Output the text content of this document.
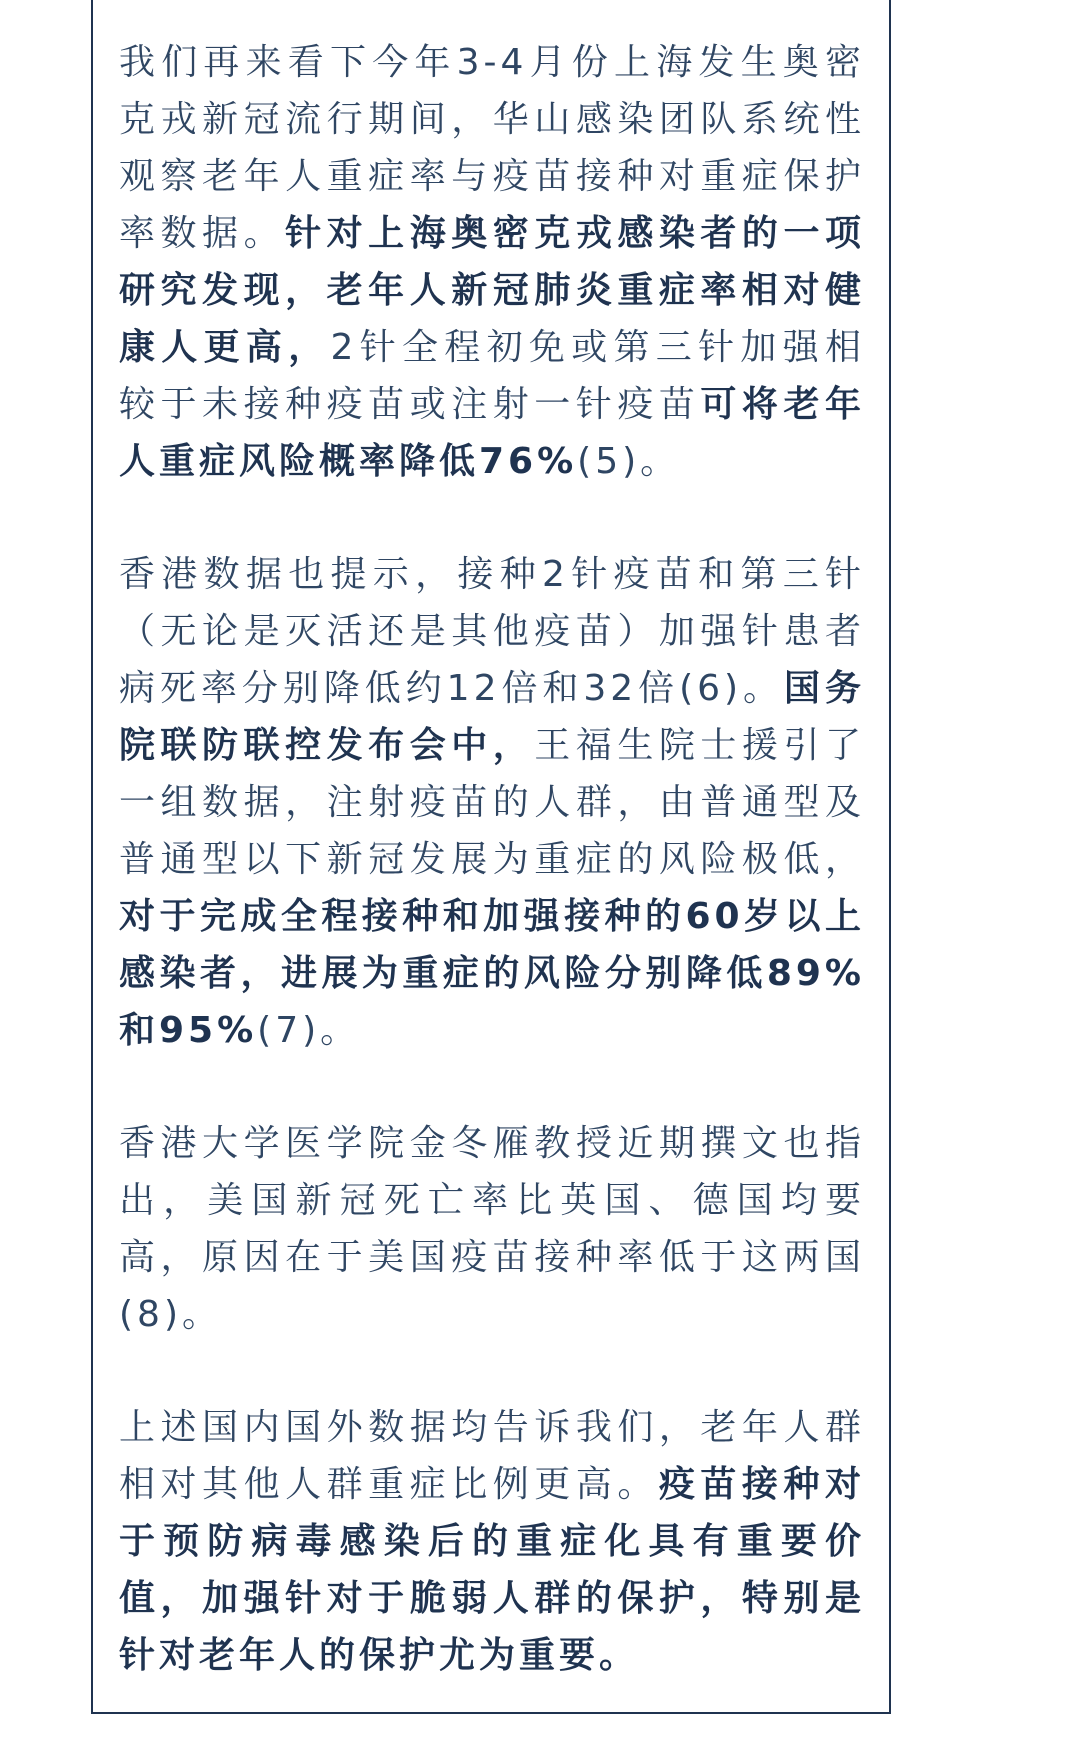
我们再来看下今年3-4月份上海发生奥密克戎新冠流行期间，华山感染团队系统性观察老年人重症率与疫苗接种对重症保护率数据。针对上海奥密克戎感染者的一项研究发现，老年人新冠肺炎重症率相对健康人更高，2针全程初免或第三针加强相较于未接种疫苗或注射一针疫苗可将老年人重症风险概率降低76%(5)。

香港数据也提示，接种2针疫苗和第三针（无论是灭活还是其他疫苗）加强针患者病死率分别降低约12倍和32倍(6)。国务院联防联控发布会中，王福生院士援引了一组数据，注射疫苗的人群，由普通型及普通型以下新冠发展为重症的风险极低，对于完成全程接种和加强接种的60岁以上感染者，进展为重症的风险分别降低89%和95%(7)。

香港大学医学院金冬雁教授近期撰文也指出，美国新冠死亡率比英国、德国均要高，原因在于美国疫苗接种率低于这两国(8)。

上述国内国外数据均告诉我们，老年人群相对其他人群重症比例更高。疫苗接种对于预防病毒感染后的重症化具有重要价值，加强针对于脆弱人群的保护，特别是针对老年人的保护尤为重要。
